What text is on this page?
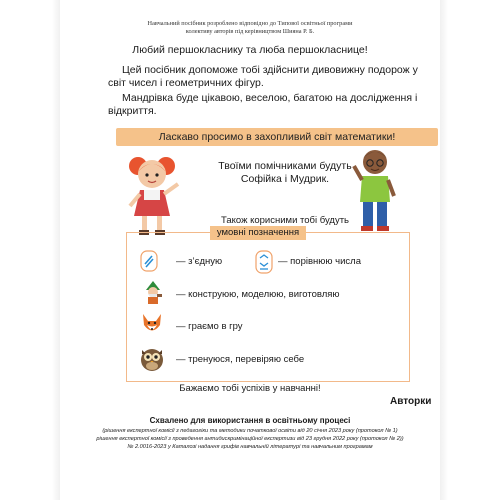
Навчальний посібник розроблено відповідно до Типової освітньої програми
колективу авторів під керівництвом Шияна Р. Б.
Любий першокласнику та люба першокласнице!
Цей посібник допоможе тобі здійснити дивовижну подорож у світ чисел і геометричних фігур.
Мандрівка буде цікавою, веселою, багатою на дослідження і відкриття.
Ласкаво просимо в захопливий світ математики!
Твоїми помічниками будуть
Софійка і Мудрик.
Також корисними тобі будуть
умовні позначення
— з’єдную	— порівнюю числа
— конструюю, моделюю, виготовляю
— граємо в гру
— тренуюся, перевіряю себе
Бажаємо тобі успіхів у навчанні!
Авторки
Схвалено для використання в освітньому процесі
(рішення експертної комісії з педагогіки та методики початкової освіти від 20 січня 2023 року (протокол № 1)
рішення експертної комісії з проведення антидискримінаційної експертизи від 23 грудня 2022 року (протокол № 2))
№ 2.0016-2023 у Каталозі надання грифів навчальній літературі та навчальним програмам
